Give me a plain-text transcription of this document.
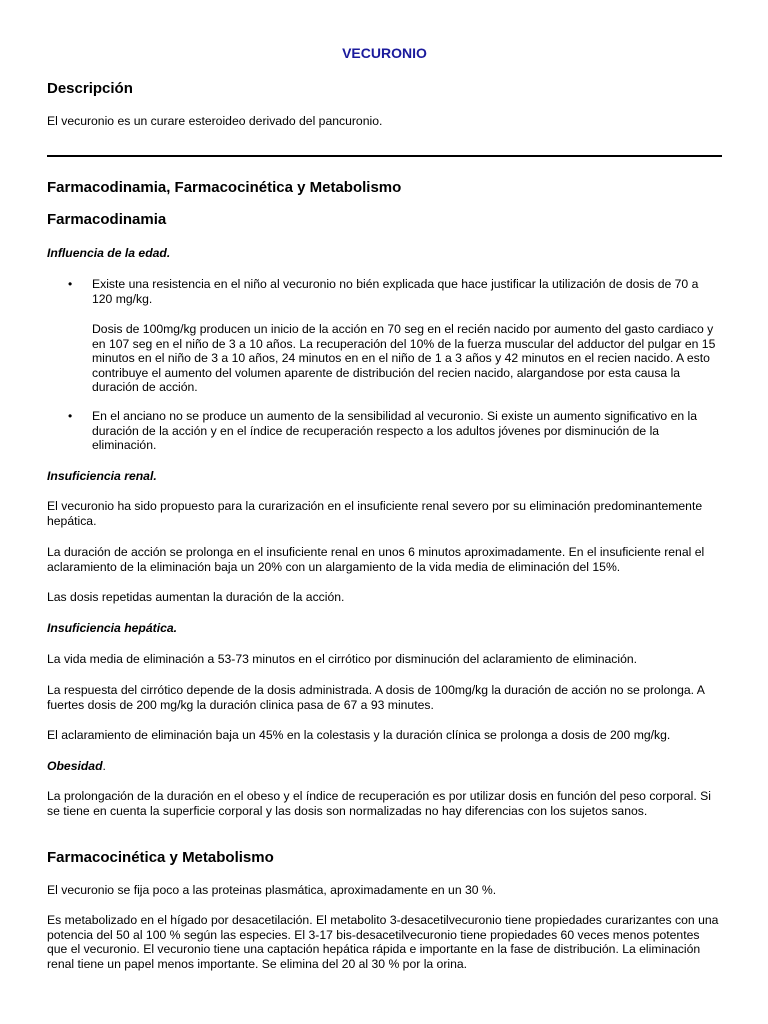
VECURONIO
Descripción
El vecuronio es un curare esteroideo derivado del pancuronio.
Farmacodinamia, Farmacocinética y Metabolismo
Farmacodinamia
Influencia de la edad.
• Existe una resistencia en el niño al vecuronio no bién explicada que hace justificar la utilización de dosis de 70 a 120 mg/kg.
Dosis de 100mg/kg producen un inicio de la acción en 70 seg en el recién nacido por aumento del gasto cardiaco y en 107 seg en el niño de 3 a 10 años. La recuperación del 10% de la fuerza muscular del adductor del pulgar en 15 minutos en el niño de 3 a 10 años, 24 minutos en en el niño de 1 a 3 años y 42 minutos en el recien nacido. A esto contribuye el aumento del volumen aparente de distribución del recien nacido, alargandose por esta causa la duración de acción.
• En el anciano no se produce un aumento de la sensibilidad al vecuronio. Si existe un aumento significativo en la duración de la acción y en el índice de recuperación respecto a los adultos jóvenes por disminución de la eliminación.
Insuficiencia renal.
El vecuronio ha sido propuesto para la curarización en el insuficiente renal severo por su eliminación predominantemente hepática.
La duración de acción se prolonga en el insuficiente renal en unos 6 minutos aproximadamente. En el insuficiente renal el aclaramiento de la eliminación baja un 20% con un alargamiento de la vida media de eliminación del 15%.
Las dosis repetidas aumentan la duración de la acción.
Insuficiencia hepática.
La vida media de eliminación a 53-73 minutos en el cirrótico por disminución del aclaramiento de eliminación.
La respuesta del cirrótico depende de la dosis administrada. A dosis de 100mg/kg la duración de acción no se prolonga. A fuertes dosis de 200 mg/kg la duración clinica pasa de 67 a 93 minutes.
El aclaramiento de eliminación baja un 45% en la colestasis y la duración clínica se prolonga a dosis de 200 mg/kg.
Obesidad.
La prolongación de la duración en el obeso y el índice de recuperación es por utilizar dosis en función del peso corporal. Si se tiene en cuenta la superficie corporal y las dosis son normalizadas no hay diferencias con los sujetos sanos.
Farmacocinética y Metabolismo
El vecuronio se fija poco a las proteinas plasmática, aproximadamente en un 30 %.
Es metabolizado en el hígado por desacetilación. El metabolito 3-desacetilvecuronio tiene propiedades curarizantes con una potencia del 50 al 100 % según las especies. El 3-17 bis-desacetilvecuronio tiene propiedades 60 veces menos potentes que el vecuronio. El vecuronio tiene una captación hepática rápida e importante en la fase de distribución. La eliminación renal tiene un papel menos importante. Se elimina del 20 al 30 % por la orina.
